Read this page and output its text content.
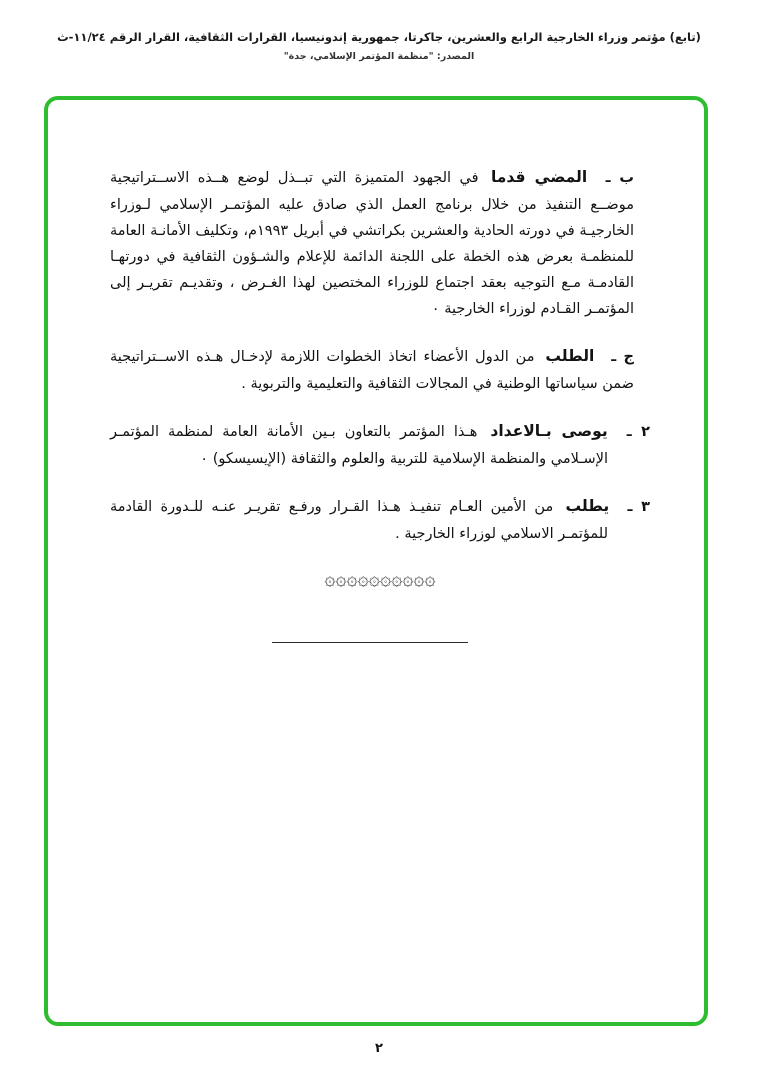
(تابع) مؤتمر وزراء الخارجية الرابع والعشرين، جاكرتا، جمهورية إندونيسيا، القرارات الثقافية، القرار الرقم ١١/٢٤-ث
المصدر: "منظمة المؤتمر الإسلامي، جدة"

ب ـ المضي قدما في الجهود المتميزة التي تبــذل لوضع هــذه الاســتراتيجية موضــع التنفيذ من خلال برنامج العمل الذي صادق عليه المؤتمـر الإسلامي لـوزراء الخارجيـة في دورته الحادية والعشرين بكراتشي في أبريل ١٩٩٣م، وتكليف الأمانـة العامة للمنظمـة بعرض هذه الخطة على اللجنة الدائمة للإعلام والشـؤون الثقافية في دورتهـا القادمـة مـع التوجيه بعقد اجتماع للوزراء المختصين لهذا الغـرض ، وتقديـم تقريـر إلى المؤتمـر القـادم لوزراء الخارجية ٠

ج ـ الطلب من الدول الأعضاء اتخاذ الخطوات اللازمة لإدخـال هـذه الاســتراتيجية ضمن سياساتها الوطنية في المجالات الثقافية والتعليمية والتربوية .

٢ ـ يوصى بـالاعداد هـذا المؤتمر بالتعاون بـين الأمانة العامة لمنظمة المؤتمـر الإسـلامي والمنظمة الإسلامية للتربية والعلوم والثقافة (الإيسيسكو) ٠

٣ ـ يطلب من الأمين العـام تنفيـذ هـذا القـرار ورفـع تقريـر عنـه للـدورة القادمة للمؤتمـر الاسلامي لوزراء الخارجية .

۞۞۞۞۞۞۞۞۞۞
٢
